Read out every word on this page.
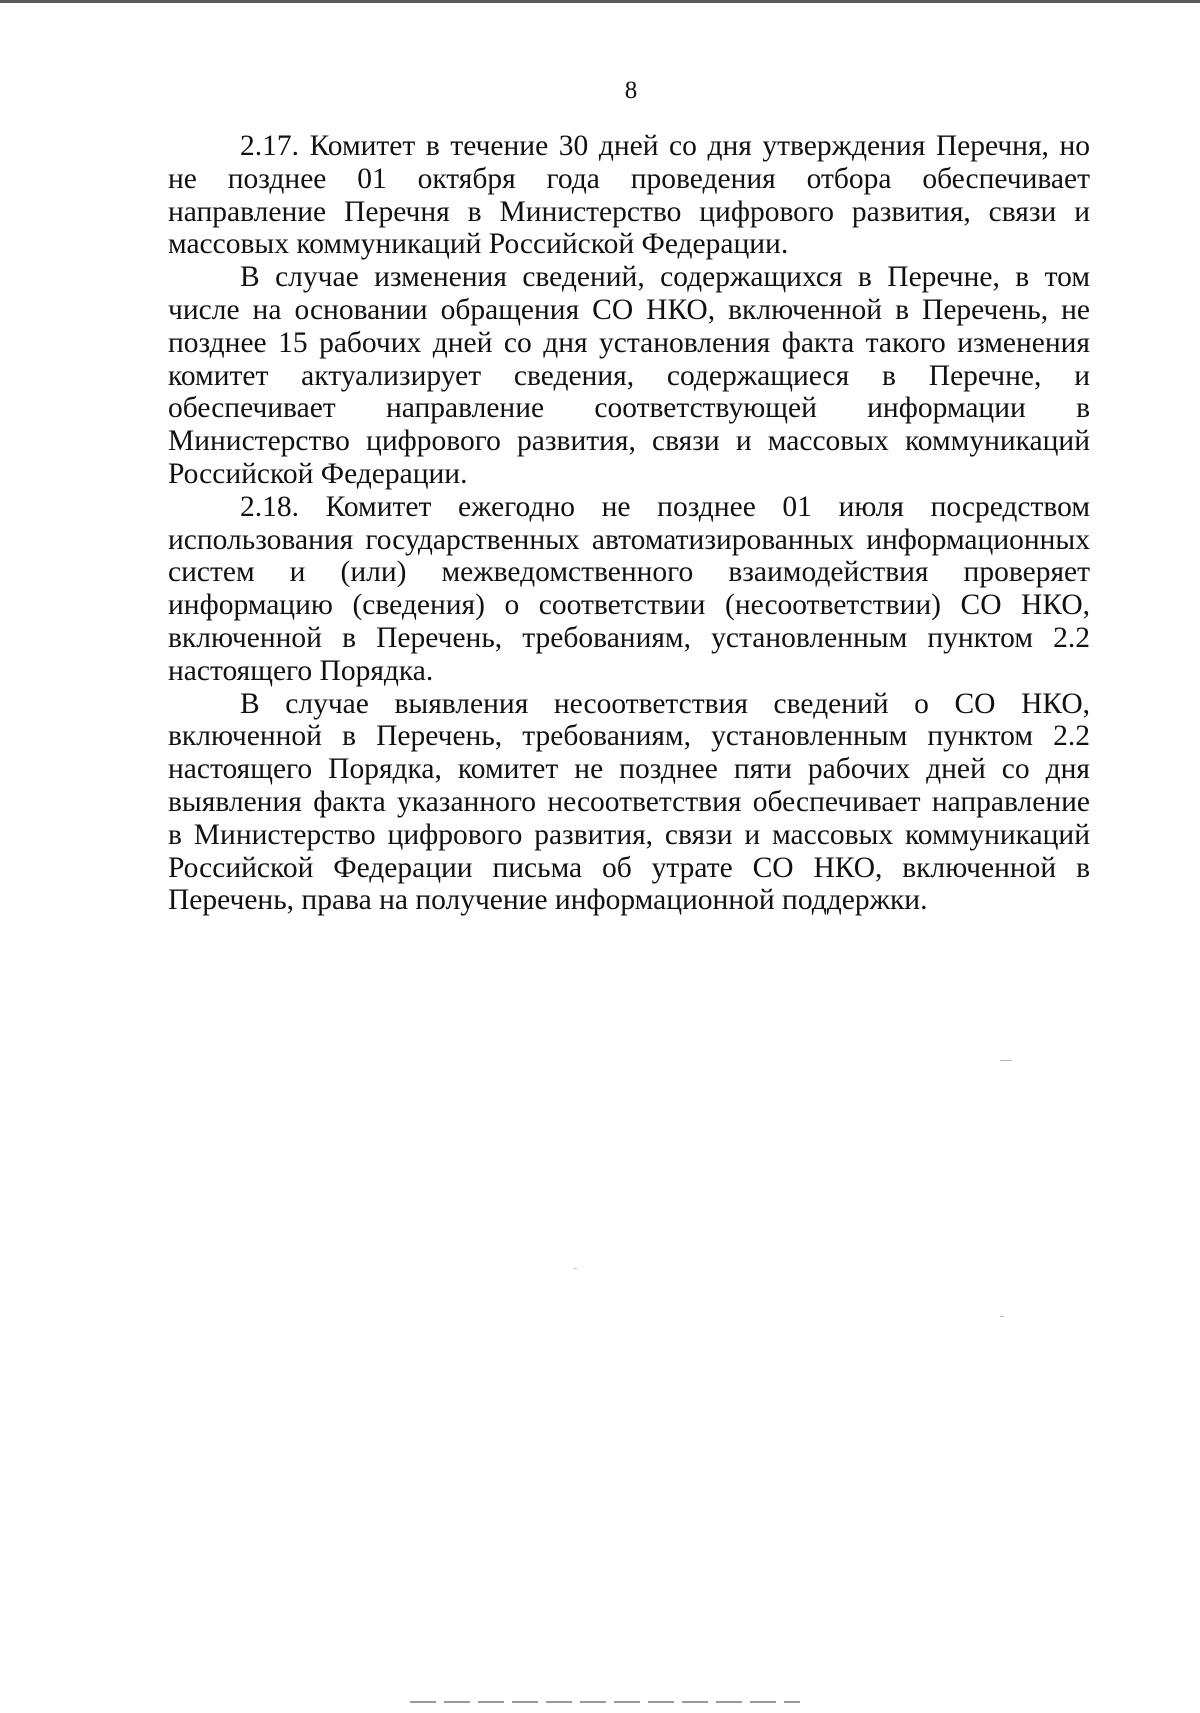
8

2.17. Комитет в течение 30 дней со дня утверждения Перечня, но не позднее 01 октября года проведения отбора обеспечивает направление Перечня в Министерство цифрового развития, связи и массовых коммуникаций Российской Федерации.

В случае изменения сведений, содержащихся в Перечне, в том числе на основании обращения СО НКО, включенной в Перечень, не позднее 15 рабочих дней со дня установления факта такого изменения комитет актуализирует сведения, содержащиеся в Перечне, и обеспечивает направление соответствующей информации в Министерство цифрового развития, связи и массовых коммуникаций Российской Федерации.

2.18. Комитет ежегодно не позднее 01 июля посредством использования государственных автоматизированных информационных систем и (или) межведомственного взаимодействия проверяет информацию (сведения) о соответствии (несоответствии) СО НКО, включенной в Перечень, требованиям, установленным пунктом 2.2 настоящего Порядка.

В случае выявления несоответствия сведений о СО НКО, включенной в Перечень, требованиям, установленным пунктом 2.2 настоящего Порядка, комитет не позднее пяти рабочих дней со дня выявления факта указанного несоответствия обеспечивает направление в Министерство цифрового развития, связи и массовых коммуникаций Российской Федерации письма об утрате СО НКО, включенной в Перечень, права на получение информационной поддержки.
